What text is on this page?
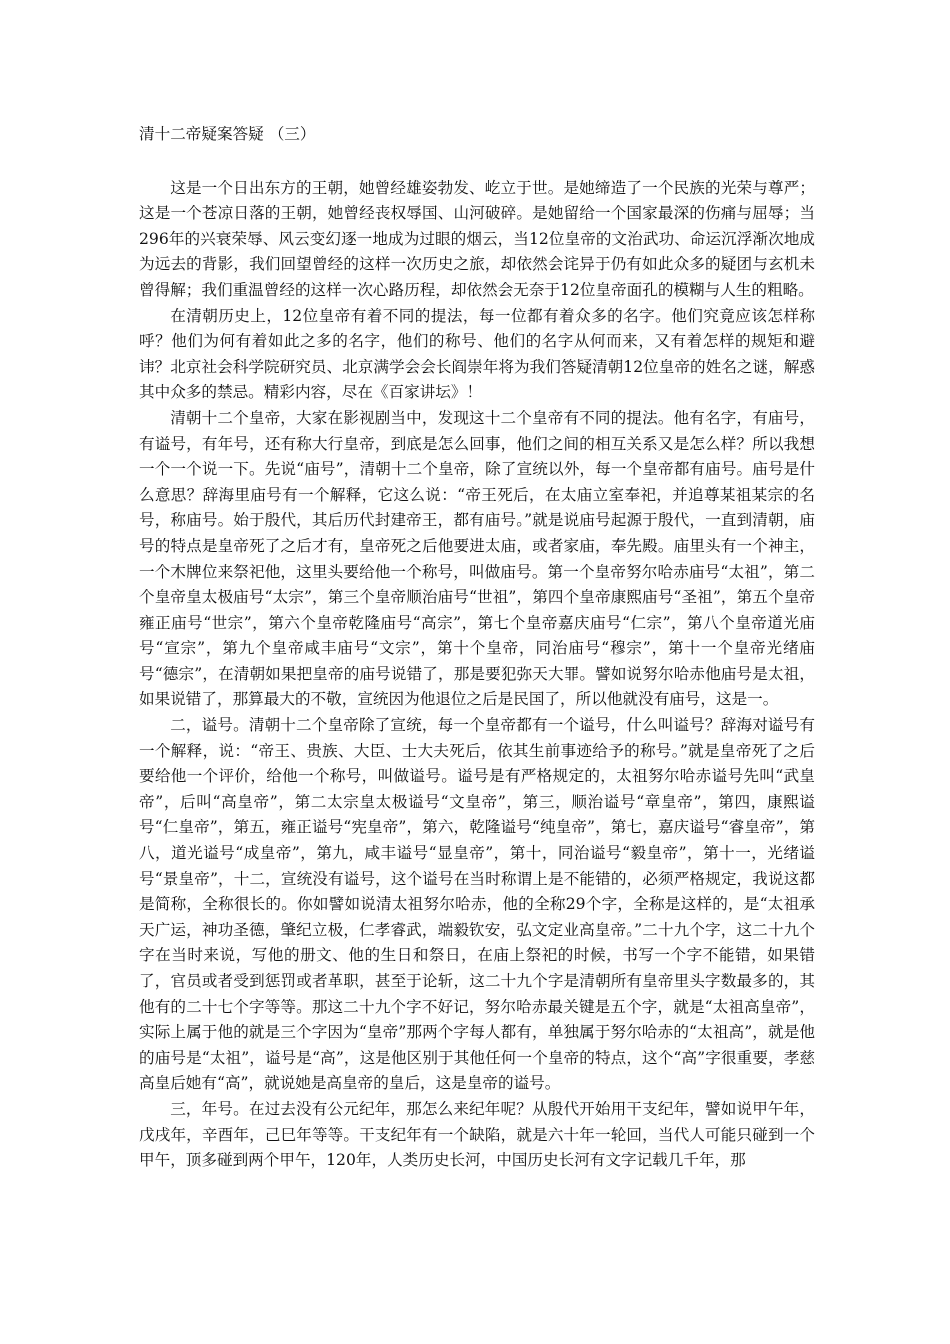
清十二帝疑案答疑 （三）

这是一个日出东方的王朝，她曾经雄姿勃发、屹立于世。是她缔造了一个民族的光荣与尊严；这是一个苍凉日落的王朝，她曾经丧权辱国、山河破碎。是她留给一个国家最深的伤痛与屈辱；当296年的兴衰荣辱、风云变幻逐一地成为过眼的烟云，当12位皇帝的文治武功、命运沉浮渐次地成为远去的背影，我们回望曾经的这样一次历史之旅，却依然会诧异于仍有如此众多的疑团与玄机未曾得解；我们重温曾经的这样一次心路历程，却依然会无奈于12位皇帝面孔的模糊与人生的粗略。

在清朝历史上，12位皇帝有着不同的提法，每一位都有着众多的名字。他们究竟应该怎样称呼？他们为何有着如此之多的名字，他们的称号、他们的名字从何而来，又有着怎样的规矩和避讳？北京社会科学院研究员、北京满学会会长阎崇年将为我们答疑清朝12位皇帝的姓名之谜，解惑其中众多的禁忌。精彩内容，尽在《百家讲坛》！

清朝十二个皇帝，大家在影视剧当中，发现这十二个皇帝有不同的提法。他有名字，有庙号，有谥号，有年号，还有称大行皇帝，到底是怎么回事，他们之间的相互关系又是怎么样？所以我想一个一个说一下。先说“庙号”，清朝十二个皇帝，除了宣统以外，每一个皇帝都有庙号。庙号是什么意思？辞海里庙号有一个解释，它这么说：“帝王死后，在太庙立室奉祀，并追尊某祖某宗的名号，称庙号。始于殷代，其后历代封建帝王，都有庙号。”就是说庙号起源于殷代，一直到清朝，庙号的特点是皇帝死了之后才有，皇帝死之后他要进太庙，或者家庙，奉先殿。庙里头有一个神主，一个木牌位来祭祀他，这里头要给他一个称号，叫做庙号。第一个皇帝努尔哈赤庙号“太祖”，第二个皇帝皇太极庙号“太宗”，第三个皇帝顺治庙号“世祖”，第四个皇帝康熙庙号“圣祖”，第五个皇帝雍正庙号“世宗”，第六个皇帝乾隆庙号“高宗”，第七个皇帝嘉庆庙号“仁宗”，第八个皇帝道光庙号“宣宗”，第九个皇帝咸丰庙号“文宗”，第十个皇帝，同治庙号“穆宗”，第十一个皇帝光绪庙号“德宗”，在清朝如果把皇帝的庙号说错了，那是要犯弥天大罪。譬如说努尔哈赤他庙号是太祖，如果说错了，那算最大的不敬，宣统因为他退位之后是民国了，所以他就没有庙号，这是一。

二，谥号。清朝十二个皇帝除了宣统，每一个皇帝都有一个谥号，什么叫谥号？辞海对谥号有一个解释，说：“帝王、贵族、大臣、士大夫死后，依其生前事迹给予的称号。”就是皇帝死了之后要给他一个评价，给他一个称号，叫做谥号。谥号是有严格规定的，太祖努尔哈赤谥号先叫“武皇帝”，后叫“高皇帝”，第二太宗皇太极谥号“文皇帝”，第三，顺治谥号“章皇帝”，第四，康熙谥号“仁皇帝”，第五，雍正谥号“宪皇帝”，第六，乾隆谥号“纯皇帝”，第七，嘉庆谥号“睿皇帝”，第八，道光谥号“成皇帝”，第九，咸丰谥号“显皇帝”，第十，同治谥号“毅皇帝”，第十一，光绪谥号“景皇帝”，十二，宣统没有谥号，这个谥号在当时称谓上是不能错的，必须严格规定，我说这都是简称，全称很长的。你如譬如说清太祖努尔哈赤，他的全称29个字，全称是这样的，是“太祖承天广运，神功圣德，肇纪立极，仁孝睿武，端毅钦安，弘文定业高皇帝。”二十九个字，这二十九个字在当时来说，写他的册文、他的生日和祭日，在庙上祭祀的时候，书写一个字不能错，如果错了，官员或者受到惩罚或者革职，甚至于论斩，这二十九个字是清朝所有皇帝里头字数最多的，其他有的二十七个字等等。那这二十九个字不好记，努尔哈赤最关键是五个字，就是“太祖高皇帝”，实际上属于他的就是三个字因为“皇帝”那两个字每人都有，单独属于努尔哈赤的“太祖高”，就是他的庙号是“太祖”，谥号是“高”，这是他区别于其他任何一个皇帝的特点，这个“高”字很重要，孝慈高皇后她有“高”，就说她是高皇帝的皇后，这是皇帝的谥号。

三，年号。在过去没有公元纪年，那怎么来纪年呢？从殷代开始用干支纪年，譬如说甲午年，戊戌年，辛酉年，己巳年等等。干支纪年有一个缺陷，就是六十年一轮回，当代人可能只碰到一个甲午，顶多碰到两个甲午，120年，人类历史长河，中国历史长河有文字记载几千年，那
